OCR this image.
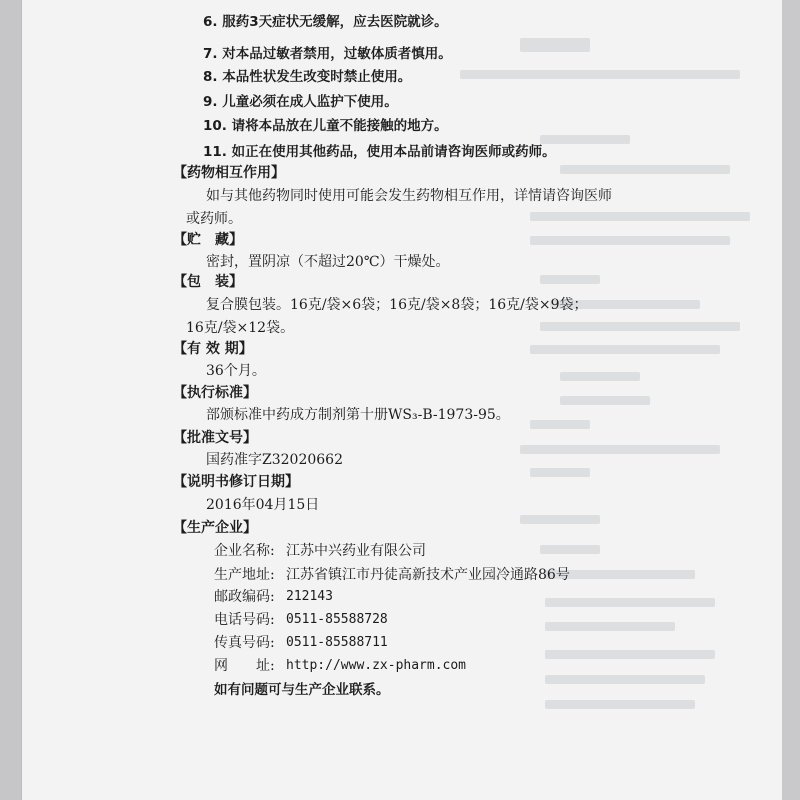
6. 服药3天症状无缓解，应去医院就诊。
7. 对本品过敏者禁用，过敏体质者慎用。
8. 本品性状发生改变时禁止使用。
9. 儿童必须在成人监护下使用。
10. 请将本品放在儿童不能接触的地方。
11. 如正在使用其他药品，使用本品前请咨询医师或药师。
【 药物相互作用 】
如与其他药物同时使用可能会发生药物相互作用，详情请咨询医师
或药师。
【 贮　藏 】
密封，置阴凉（不超过20℃）干燥处。
【 包　装 】
复合膜包装。16克/袋×6袋；16克/袋×8袋；16克/袋×9袋；
16克/袋×12袋。
【 有 效 期 】
36个月。
【 执行标准 】
部颁标准中药成方制剂第十册WS₃-B-1973-95。
【 批准文号 】
国药准字Z32020662
【 说明书修订日期 】
2016年04月15日
【 生产企业 】
企业名称: 江苏中兴药业有限公司
生产地址: 江苏省镇江市丹徒高新技术产业园冷通路86号
邮政编码: 212143
电话号码: 0511-85588728
传真号码: 0511-85588711
网　　址: http://www.zx-pharm.com
如有问题可与生产企业联系。
